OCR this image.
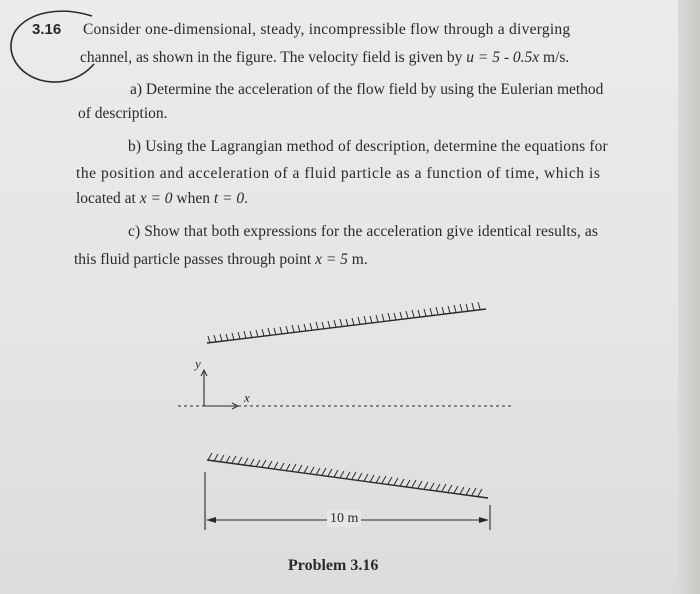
3.16 Consider one-dimensional, steady, incompressible flow through a diverging
channel, as shown in the figure. The velocity field is given by u = 5 - 0.5x m/s.
a) Determine the acceleration of the flow field by using the Eulerian method
of description.
b) Using the Lagrangian method of description, determine the equations for
the position and acceleration of a fluid particle as a function of time, which is
located at x = 0 when t = 0.
c) Show that both expressions for the acceleration give identical results, as
this fluid particle passes through point x = 5 m.
y
x
10 m
Problem 3.16
